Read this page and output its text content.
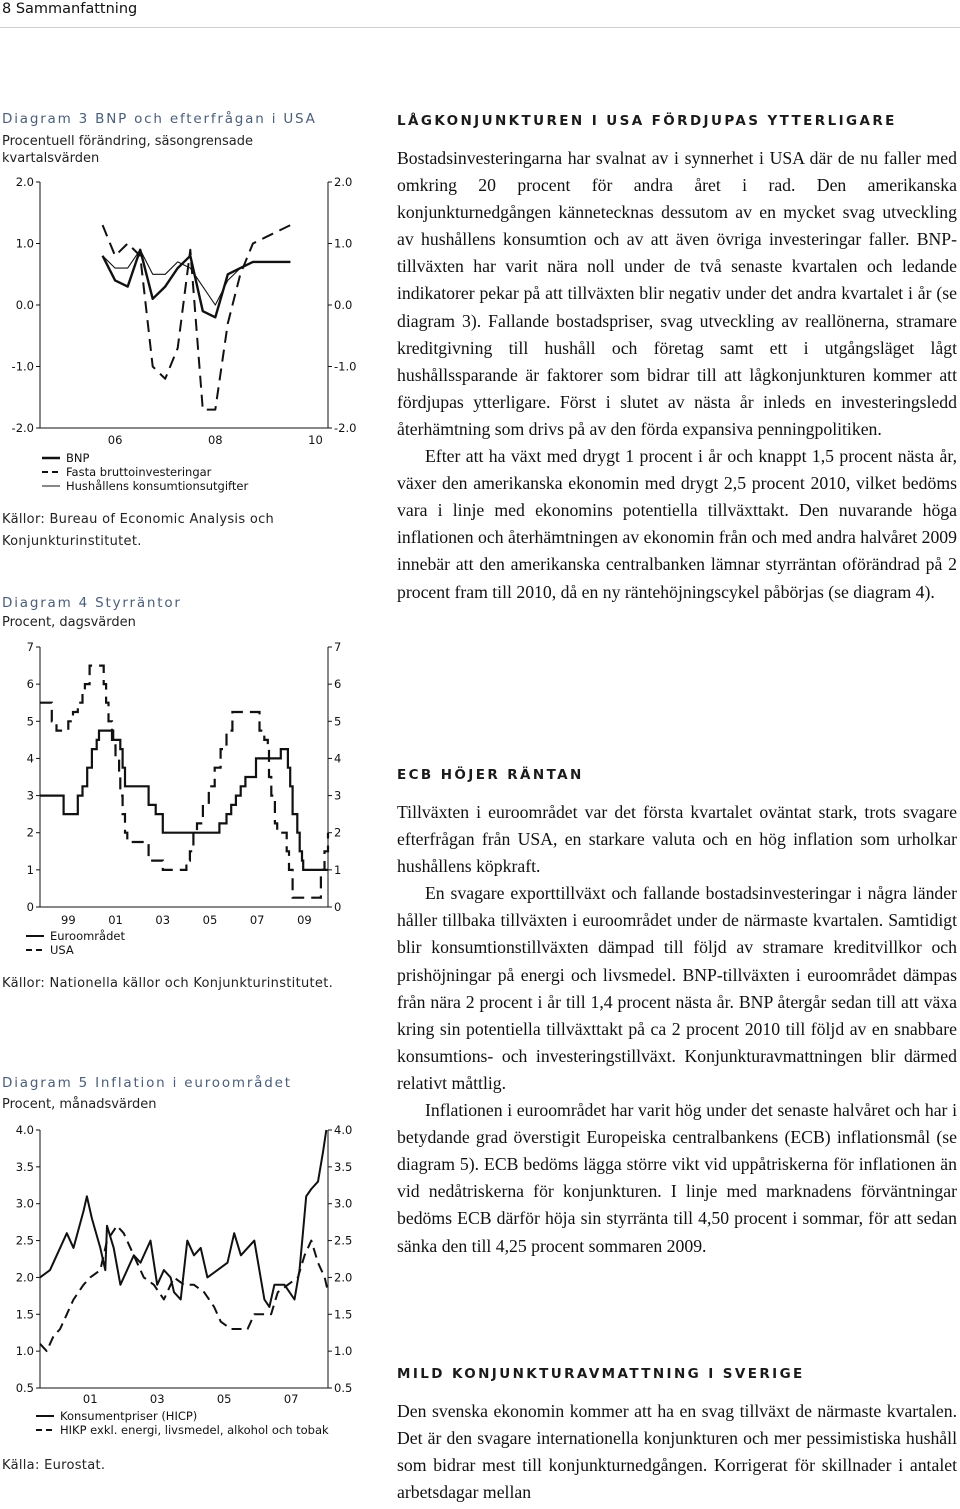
8 Sammanfattning
Diagram 3 BNP och efterfrågan i USA
Procentuell förändring, säsongrensade
kvartalsvärden
2.0	2.0
1.0	1.0
0.0	0.0
-1.0	-1.0
-2.0	-2.0
06	08	10
BNP
Fasta bruttoinvesteringar
Hushållens konsumtionsutgifter
Källor: Bureau of Economic Analysis och
Konjunkturinstitutet.
Diagram 4 Styrräntor
Procent, dagsvärden
7	7
6	6
5	5
4	4
3	3
2	2
1	1
0	0
99	01	03	05	07	09
Euroområdet
USA
Källor: Nationella källor och Konjunkturinstitutet.
Diagram 5 Inflation i euroområdet
Procent, månadsvärden
4.0	4.0
3.5	3.5
3.0	3.0
2.5	2.5
2.0	2.0
1.5	1.5
1.0	1.0
0.5	0.5
01	03	05	07
Konsumentpriser (HICP)
HIKP exkl. energi, livsmedel, alkohol och tobak
Källa: Eurostat.
LÅGKONJUNKTUREN I USA FÖRDJUPAS YTTERLIGARE

Bostadsinvesteringarna har svalnat av i synnerhet i USA där de nu faller med omkring 20 procent för andra året i rad. Den amerikanska konjunkturnedgången kännetecknas dessutom av en mycket svag utveckling av hushållens konsumtion och av att även övriga investeringar faller. BNP-tillväxten har varit nära noll under de två senaste kvartalen och ledande indikatorer pekar på att tillväxten blir negativ under det andra kvartalet i år (se diagram 3). Fallande bostadspriser, svag utveckling av reallönerna, stramare kreditgivning till hushåll och företag samt ett i utgångsläget lågt hushållssparande är faktorer som bidrar till att lågkonjunkturen kommer att fördjupas ytterligare. Först i slutet av nästa år inleds en investeringsledd återhämtning som drivs på av den förda expansiva penningpolitiken.

Efter att ha växt med drygt 1 procent i år och knappt 1,5 procent nästa år, växer den amerikanska ekonomin med drygt 2,5 procent 2010, vilket bedöms vara i linje med ekonomins potentiella tillväxttakt. Den nuvarande höga inflationen och återhämtningen av ekonomin från och med andra halvåret 2009 innebär att den amerikanska centralbanken lämnar styrräntan oförändrad på 2 procent fram till 2010, då en ny räntehöjningscykel påbörjas (se diagram 4).

ECB HÖJER RÄNTAN

Tillväxten i euroområdet var det första kvartalet oväntat stark, trots svagare efterfrågan från USA, en starkare valuta och en hög inflation som urholkar hushållens köpkraft.

En svagare exporttillväxt och fallande bostadsinvesteringar i några länder håller tillbaka tillväxten i euroområdet under de närmaste kvartalen. Samtidigt blir konsumtionstillväxten dämpad till följd av stramare kreditvillkor och prishöjningar på energi och livsmedel. BNP-tillväxten i euroområdet dämpas från nära 2 procent i år till 1,4 procent nästa år. BNP återgår sedan till att växa kring sin potentiella tillväxttakt på ca 2 procent 2010 till följd av en snabbare konsumtions- och investeringstillväxt. Konjunkturavmattningen blir därmed relativt måttlig.

Inflationen i euroområdet har varit hög under det senaste halvåret och har i betydande grad överstigit Europeiska centralbankens (ECB) inflationsmål (se diagram 5). ECB bedöms lägga större vikt vid uppåtriskerna för inflationen än vid nedåtriskerna för konjunkturen. I linje med marknadens förväntningar bedöms ECB därför höja sin styrränta till 4,50 procent i sommar, för att sedan sänka den till 4,25 procent sommaren 2009.

MILD KONJUNKTURAVMATTNING I SVERIGE

Den svenska ekonomin kommer att ha en svag tillväxt de närmaste kvartalen. Det är den svagare internationella konjunkturen och mer pessimistiska hushåll som bidrar mest till konjunkturnedgången. Korrigerat för skillnader i antalet arbetsdagar mellan
